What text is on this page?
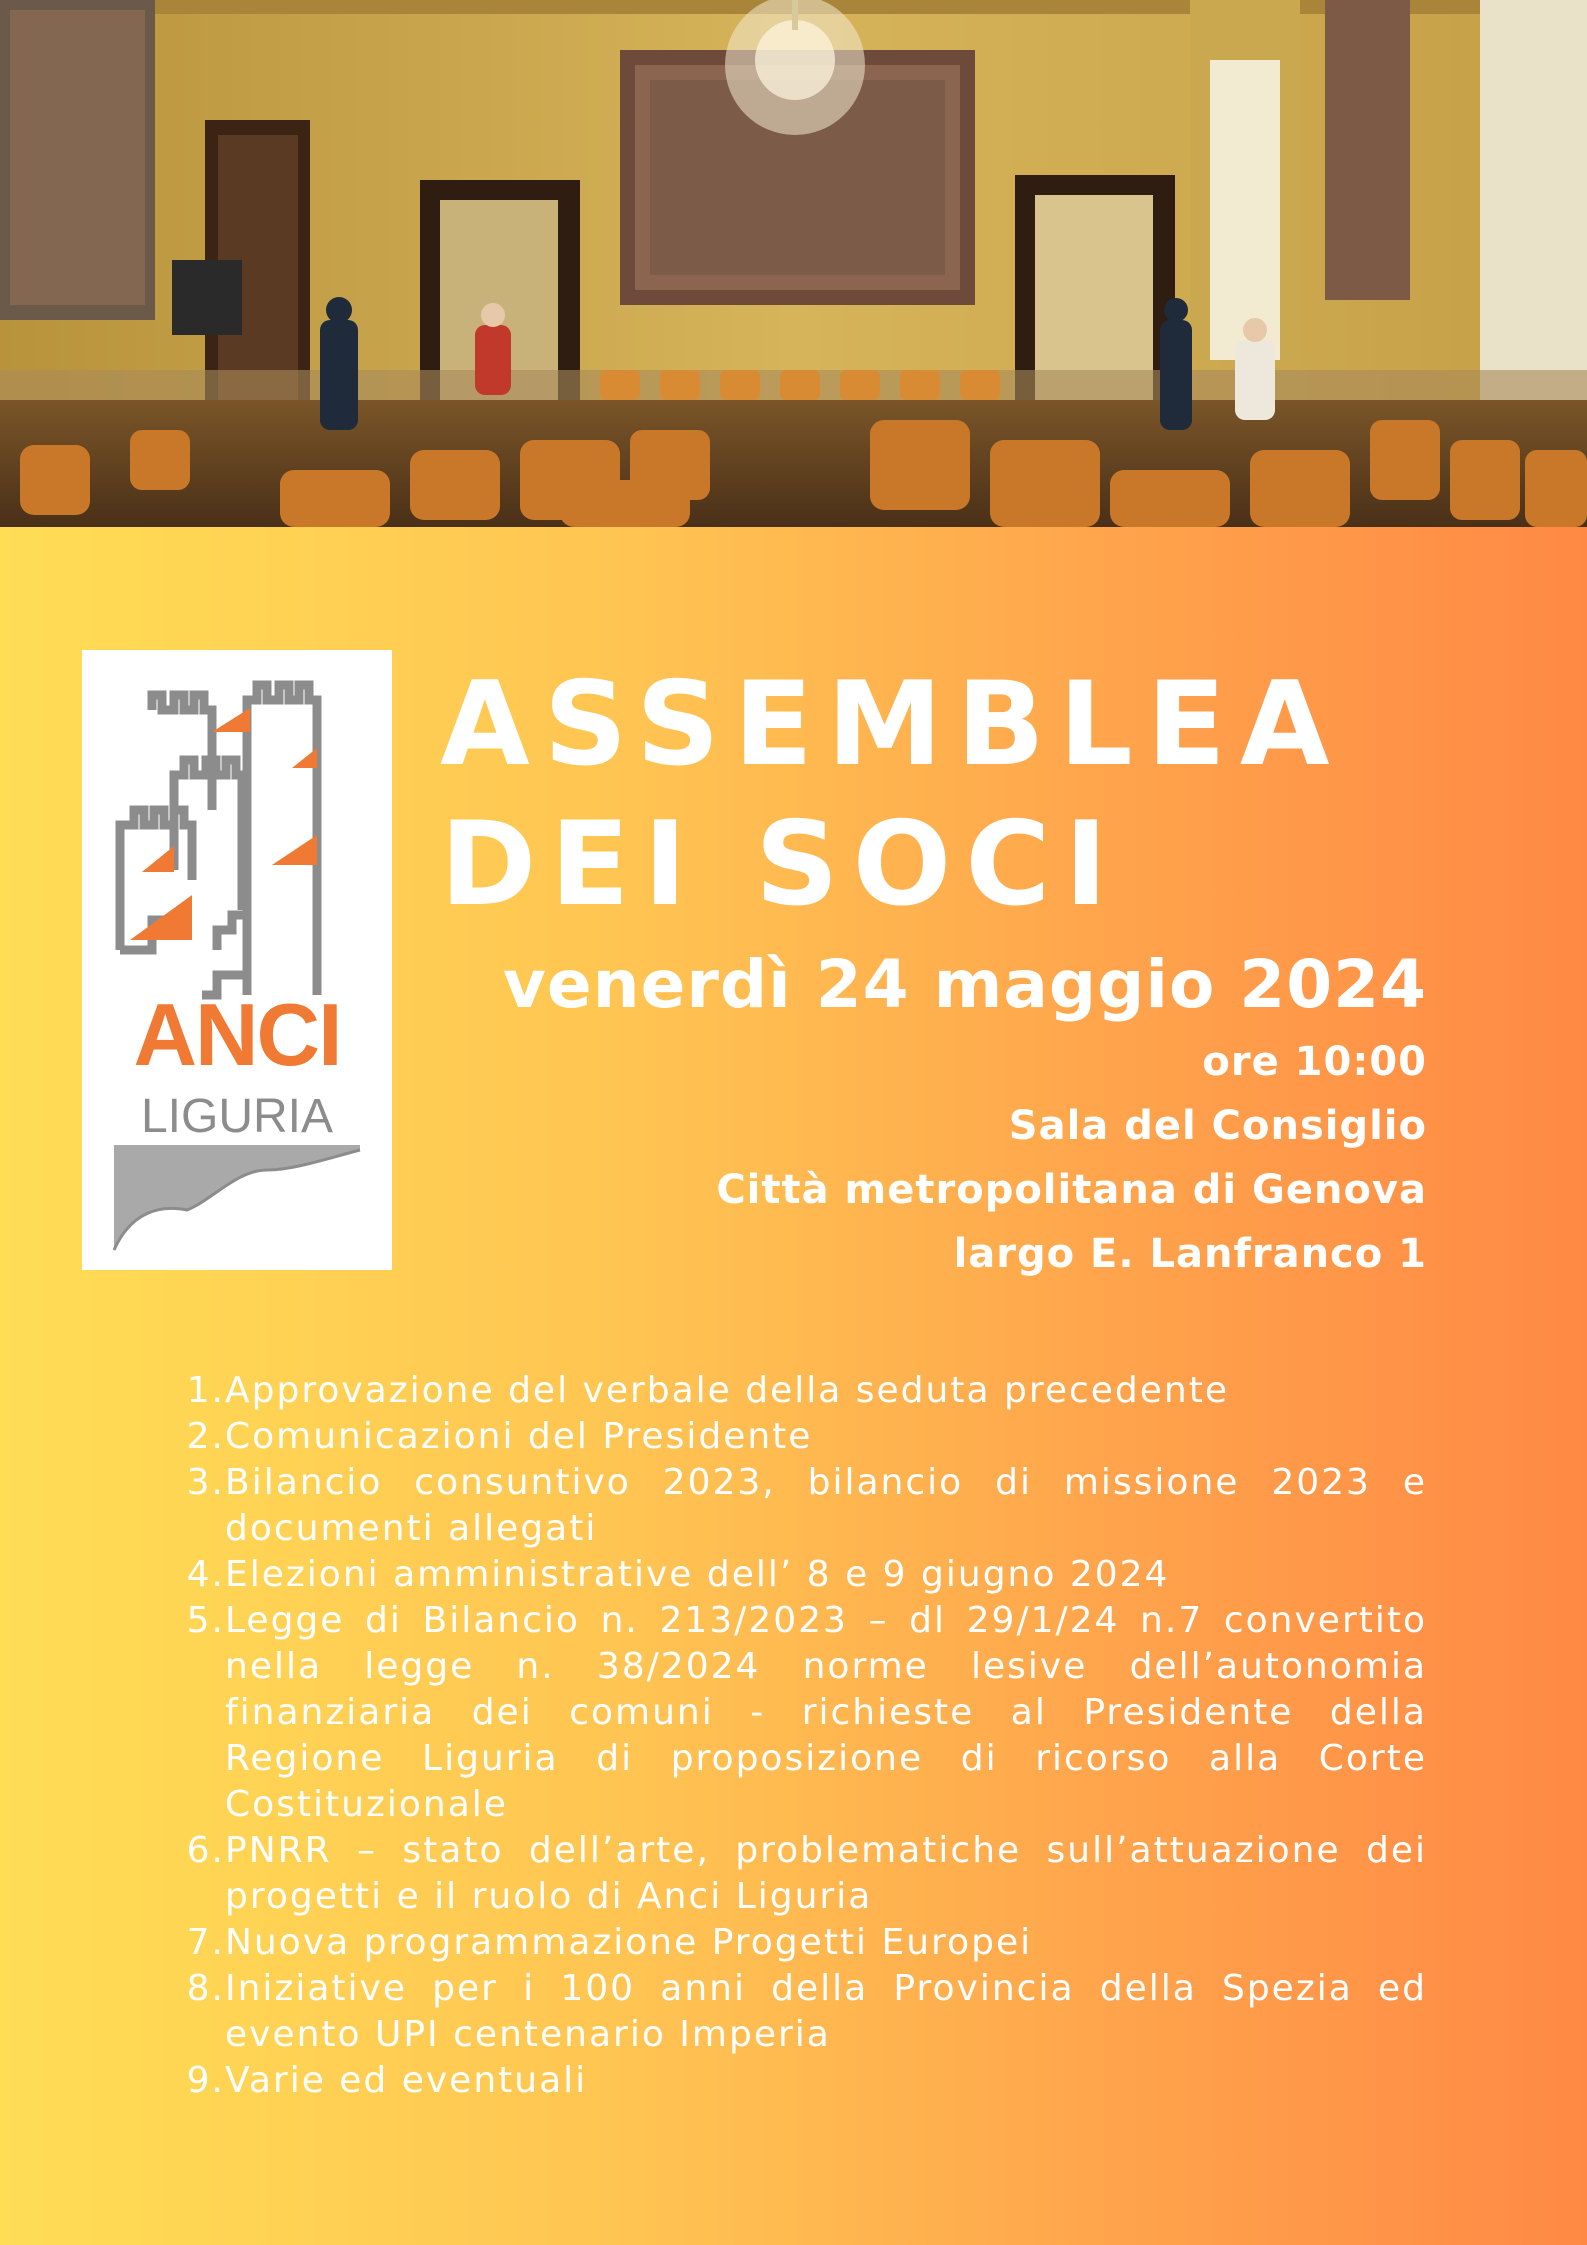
ANCI
LIGURIA
ASSEMBLEA
DEI SOCI
venerdì 24 maggio 2024
ore 10:00
Sala del Consiglio
Città metropolitana di Genova
largo E. Lanfranco 1
1. Approvazione del verbale della seduta precedente
2. Comunicazioni del Presidente
3. Bilancio consuntivo 2023, bilancio di missione 2023 e documenti allegati
4. Elezioni amministrative dell’ 8 e 9 giugno 2024
5. Legge di Bilancio n. 213/2023 – dl 29/1/24 n.7 convertito nella legge n. 38/2024 norme lesive dell’autonomia finanziaria dei comuni - richieste al Presidente della Regione Liguria di proposizione di ricorso alla Corte Costituzionale
6. PNRR – stato dell’arte, problematiche sull’attuazione dei progetti e il ruolo di Anci Liguria
7. Nuova programmazione Progetti Europei
8. Iniziative per i 100 anni della Provincia della Spezia ed evento UPI centenario Imperia
9. Varie ed eventuali
